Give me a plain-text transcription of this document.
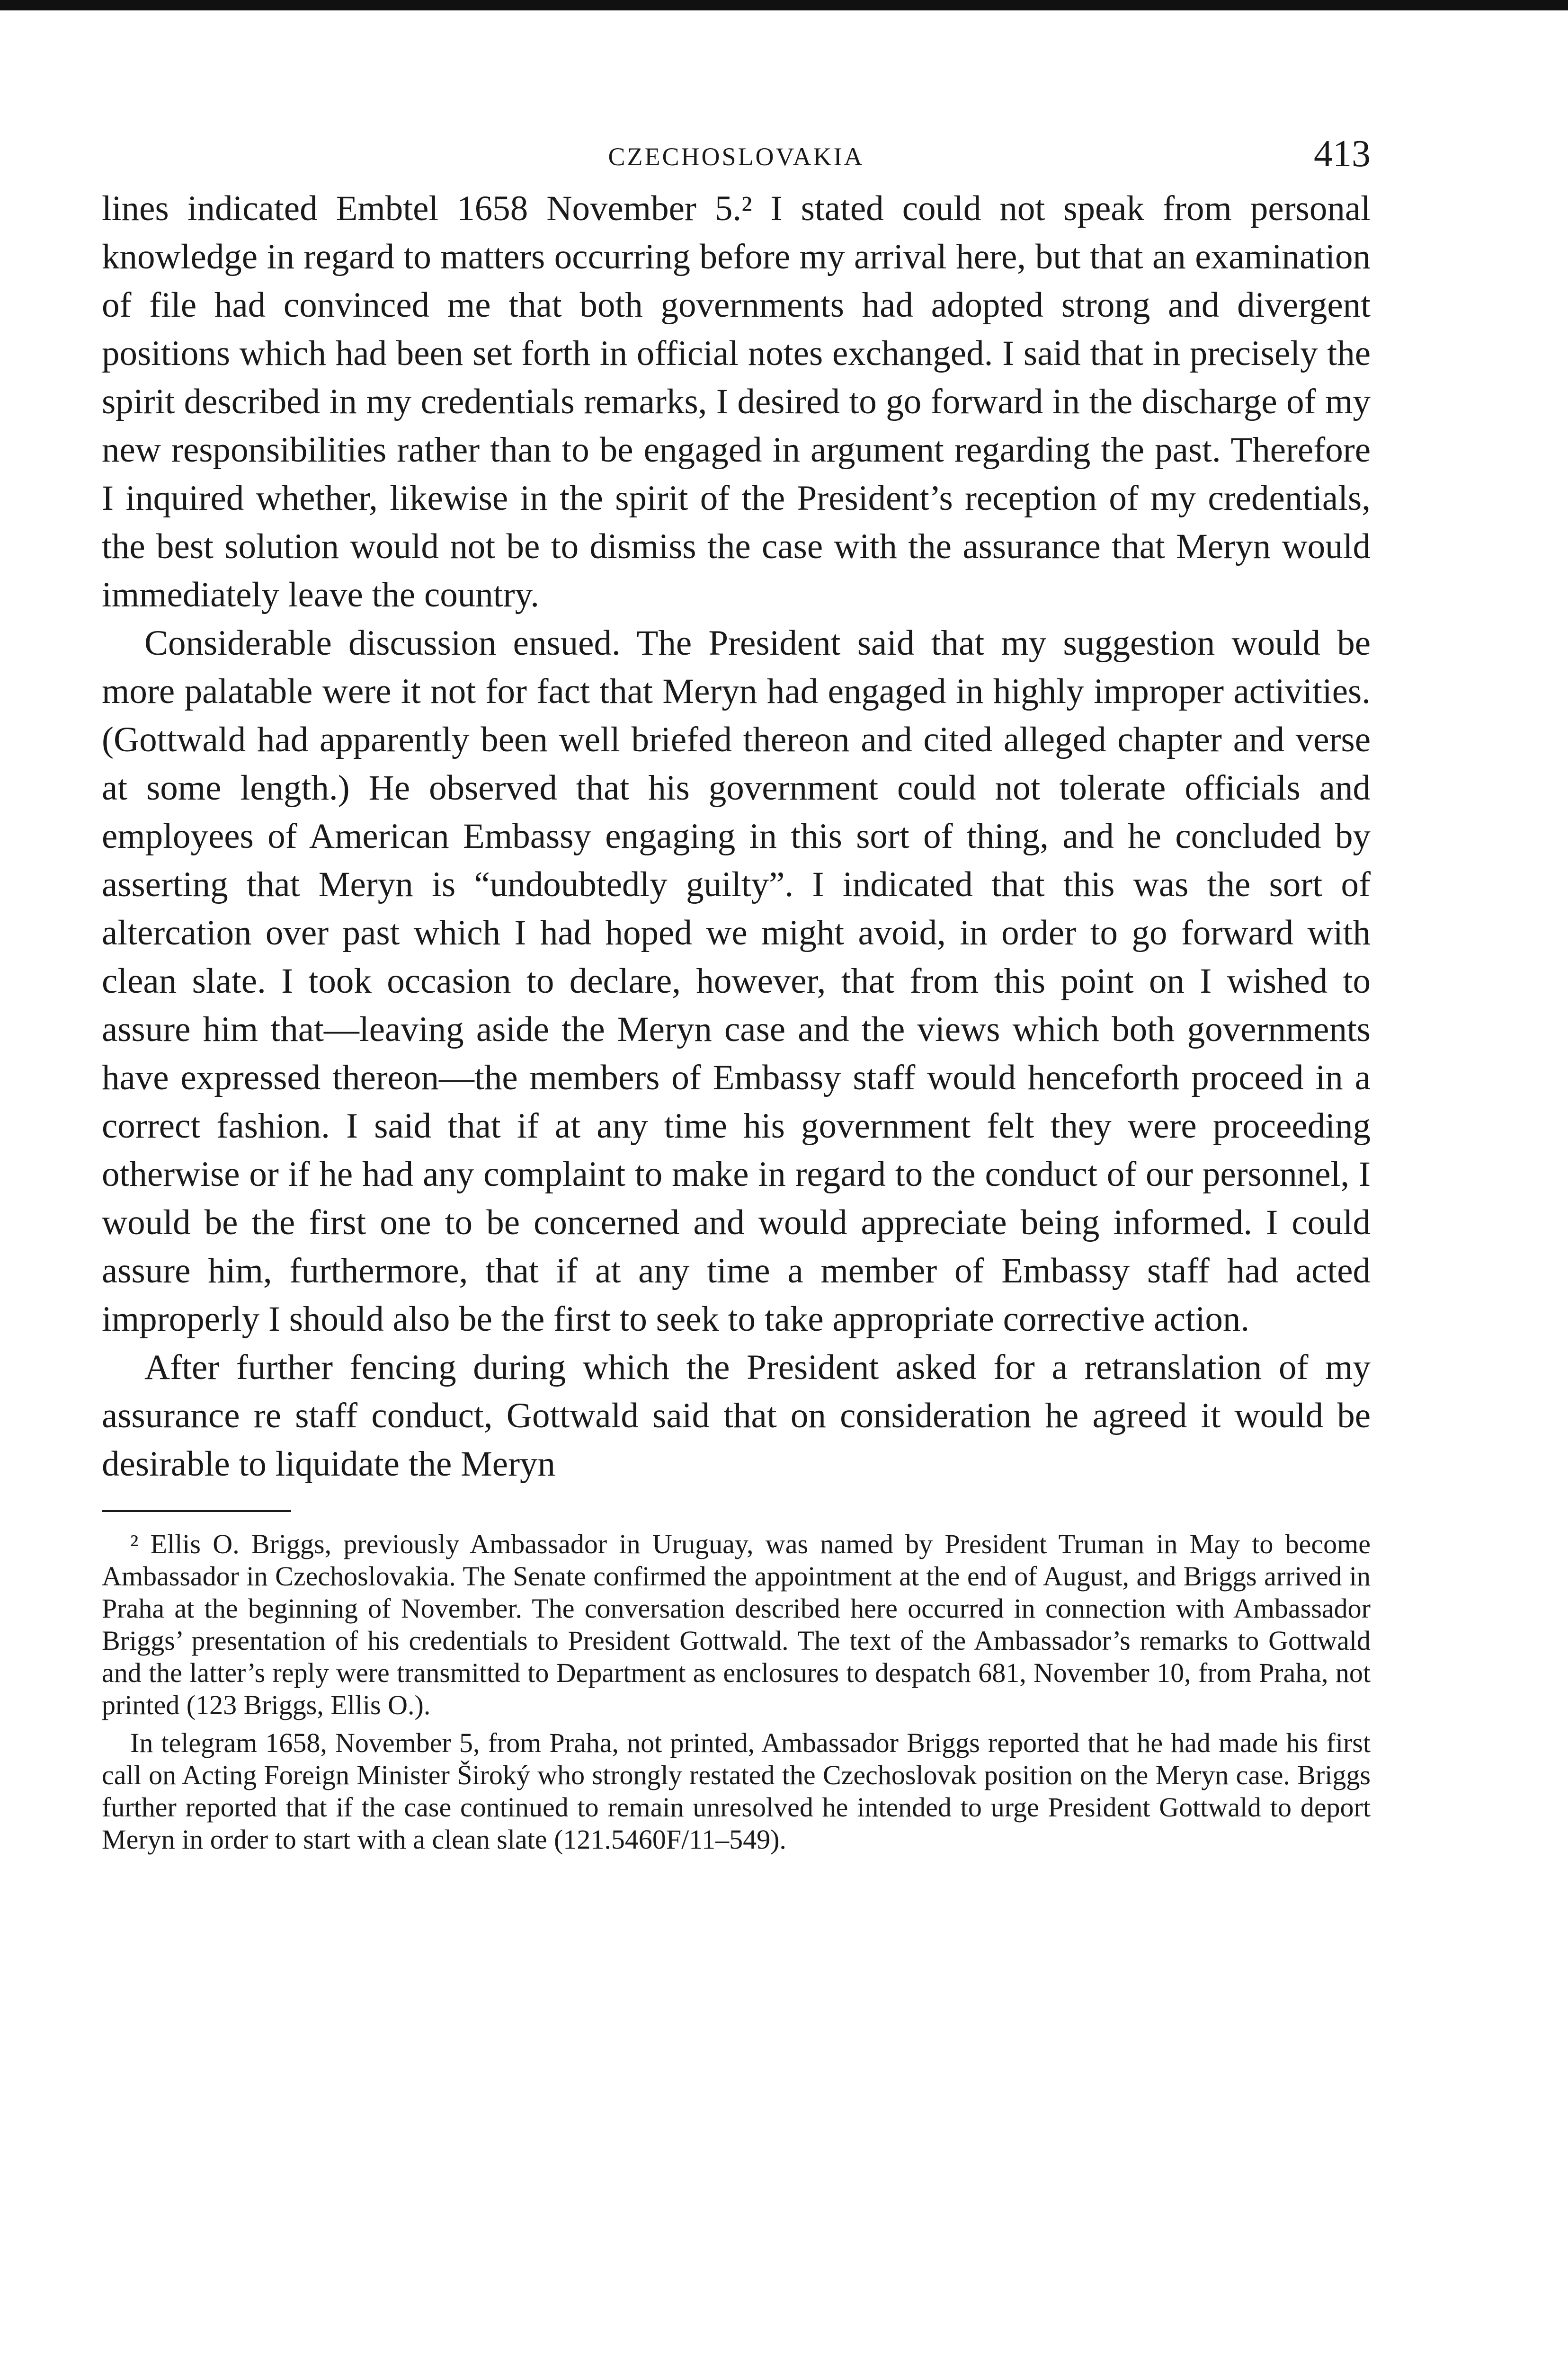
CZECHOSLOVAKIA	413

lines indicated Embtel 1658 November 5.² I stated could not speak from personal knowledge in regard to matters occurring before my arrival here, but that an examination of file had convinced me that both governments had adopted strong and divergent positions which had been set forth in official notes exchanged. I said that in precisely the spirit described in my credentials remarks, I desired to go forward in the discharge of my new responsibilities rather than to be engaged in argument regarding the past. Therefore I inquired whether, likewise in the spirit of the President’s reception of my credentials, the best solution would not be to dismiss the case with the assurance that Meryn would immediately leave the country.

Considerable discussion ensued. The President said that my suggestion would be more palatable were it not for fact that Meryn had engaged in highly improper activities. (Gottwald had apparently been well briefed thereon and cited alleged chapter and verse at some length.) He observed that his government could not tolerate officials and employees of American Embassy engaging in this sort of thing, and he concluded by asserting that Meryn is “undoubtedly guilty”. I indicated that this was the sort of altercation over past which I had hoped we might avoid, in order to go forward with clean slate. I took occasion to declare, however, that from this point on I wished to assure him that—leaving aside the Meryn case and the views which both governments have expressed thereon—the members of Embassy staff would henceforth proceed in a correct fashion. I said that if at any time his government felt they were proceeding otherwise or if he had any complaint to make in regard to the conduct of our personnel, I would be the first one to be concerned and would appreciate being informed. I could assure him, furthermore, that if at any time a member of Embassy staff had acted improperly I should also be the first to seek to take appropriate corrective action.

After further fencing during which the President asked for a retranslation of my assurance re staff conduct, Gottwald said that on consideration he agreed it would be desirable to liquidate the Meryn

² Ellis O. Briggs, previously Ambassador in Uruguay, was named by President Truman in May to become Ambassador in Czechoslovakia. The Senate confirmed the appointment at the end of August, and Briggs arrived in Praha at the beginning of November. The conversation described here occurred in connection with Ambassador Briggs’ presentation of his credentials to President Gottwald. The text of the Ambassador’s remarks to Gottwald and the latter’s reply were transmitted to Department as enclosures to despatch 681, November 10, from Praha, not printed (123 Briggs, Ellis O.).

In telegram 1658, November 5, from Praha, not printed, Ambassador Briggs reported that he had made his first call on Acting Foreign Minister Široký who strongly restated the Czechoslovak position on the Meryn case. Briggs further reported that if the case continued to remain unresolved he intended to urge President Gottwald to deport Meryn in order to start with a clean slate (121.5460F/11–549).
